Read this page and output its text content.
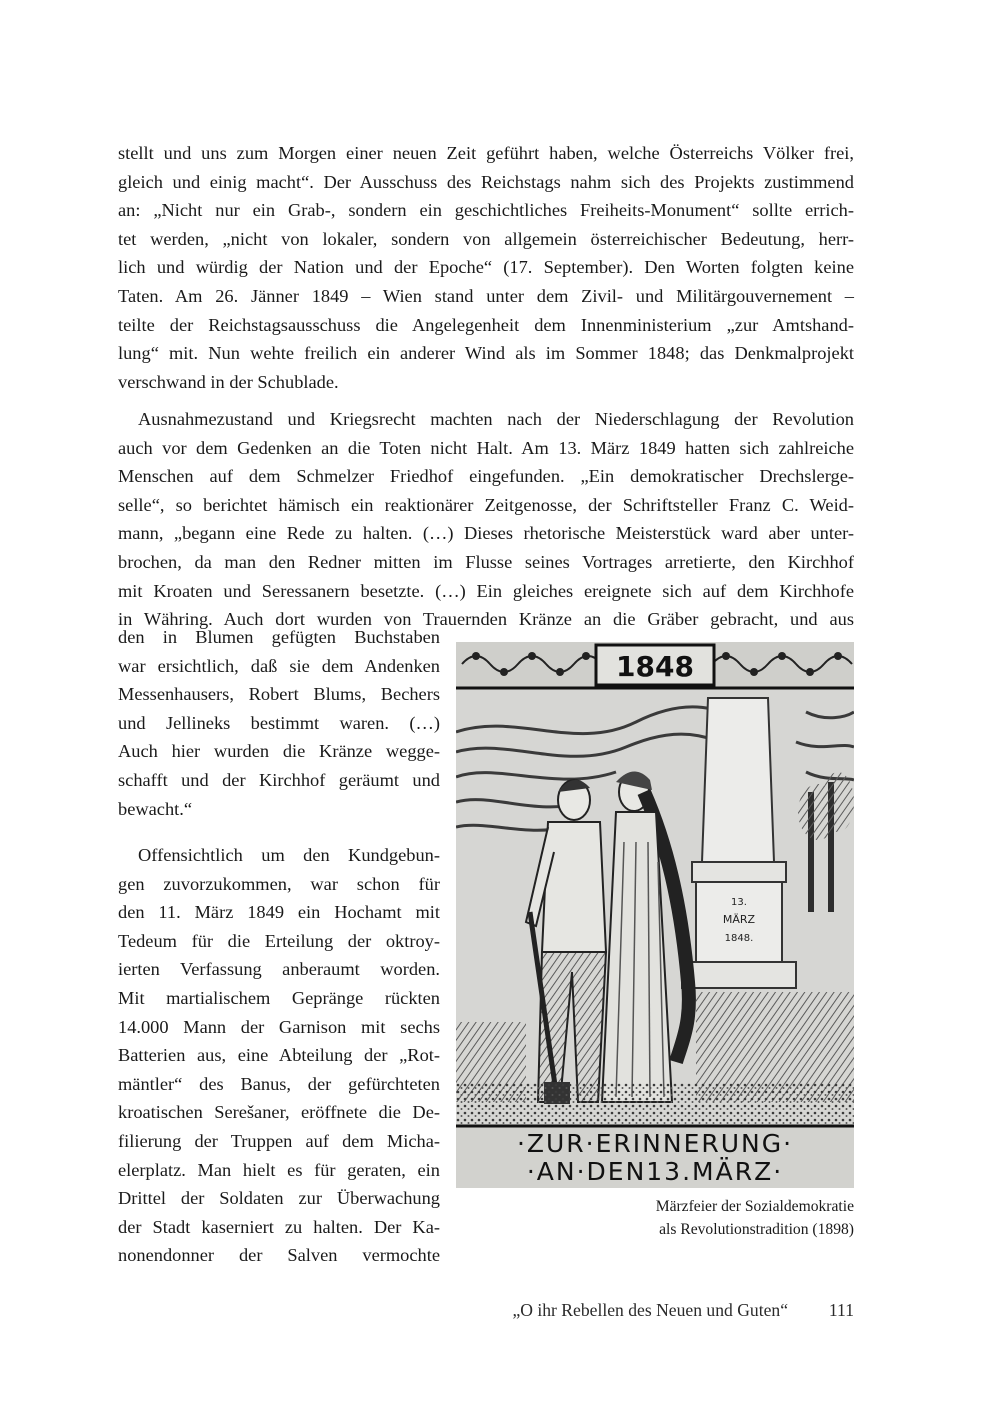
stellt und uns zum Morgen einer neuen Zeit geführt haben, welche Österreichs Völker frei,
gleich und einig macht“. Der Ausschuss des Reichstags nahm sich des Projekts zustimmend
an: „Nicht nur ein Grab-, sondern ein geschichtliches Freiheits-Monument“ sollte errich-
tet werden, „nicht von lokaler, sondern von allgemein österreichischer Bedeutung, herr-
lich und würdig der Nation und der Epoche“ (17. September). Den Worten folgten keine
Taten. Am 26. Jänner 1849 – Wien stand unter dem Zivil- und Militärgouvernement –
teilte der Reichstagsausschuss die Angelegenheit dem Innenministerium „zur Amtshand-
lung“ mit. Nun wehte freilich ein anderer Wind als im Sommer 1848; das Denkmalprojekt
verschwand in der Schublade.
Ausnahmezustand und Kriegsrecht machten nach der Niederschlagung der Revolution
auch vor dem Gedenken an die Toten nicht Halt. Am 13. März 1849 hatten sich zahlreiche
Menschen auf dem Schmelzer Friedhof eingefunden. „Ein demokratischer Drechslerge-
selle“, so berichtet hämisch ein reaktionärer Zeitgenosse, der Schriftsteller Franz C. Weid-
mann, „begann eine Rede zu halten. (…) Dieses rhetorische Meisterstück ward aber unter-
brochen, da man den Redner mitten im Flusse seines Vortrages arretierte, den Kirchhof
mit Kroaten und Seressanern besetzte. (…) Ein gleiches ereignete sich auf dem Kirchhofe
in Währing. Auch dort wurden von Trauernden Kränze an die Gräber gebracht, und aus
den in Blumen gefügten Buchstaben
war ersichtlich, daß sie dem Andenken
Messenhausers, Robert Blums, Bechers
und Jellineks bestimmt waren. (…)
Auch hier wurden die Kränze wegge-
schafft und der Kirchhof geräumt und
bewacht.“
Offensichtlich um den Kundgebun-
gen zuvorzukommen, war schon für
den 11. März 1849 ein Hochamt mit
Tedeum für die Erteilung der oktroy-
ierten Verfassung anberaumt worden.
Mit martialischem Gepränge rückten
14.000 Mann der Garnison mit sechs
Batterien aus, eine Abteilung der „Rot-
mäntler“ des Banus, der gefürchteten
kroatischen Serešaner, eröffnete die De-
filierung der Truppen auf dem Micha-
elerplatz. Man hielt es für geraten, ein
Drittel der Soldaten zur Überwachung
der Stadt kaserniert zu halten. Der Ka-
nonendonner der Salven vermochte
1848
13.
MÄRZ
1848.
·ZUR·ERINNERUNG·
·AN·DEN13.MÄRZ·
Märzfeier der Sozialdemokratie
als Revolutionstradition (1898)
„O ihr Rebellen des Neuen und Guten“	111
